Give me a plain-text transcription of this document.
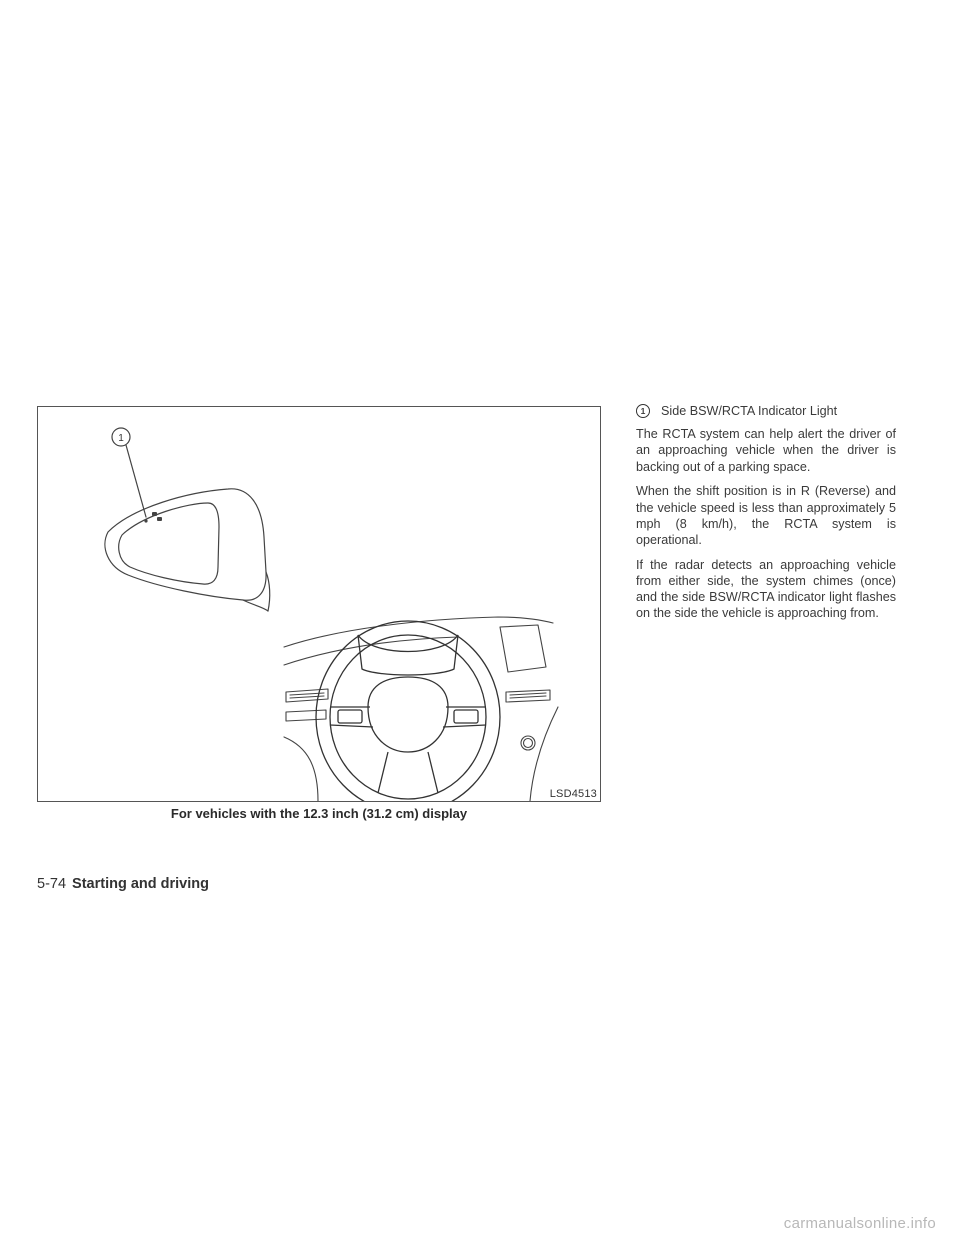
1
LSD4513
For vehicles with the 12.3 inch (31.2 cm) display
1	Side BSW/RCTA Indicator Light

The RCTA system can help alert the driver of an approaching vehicle when the driver is backing out of a parking space.

When the shift position is in R (Reverse) and the vehicle speed is less than approximately 5 mph (8 km/h), the RCTA system is operational.

If the radar detects an approaching vehicle from either side, the system chimes (once) and the side BSW/RCTA indicator light flashes on the side the vehicle is approaching from.

5-74 Starting and driving
carmanualsonline.info
